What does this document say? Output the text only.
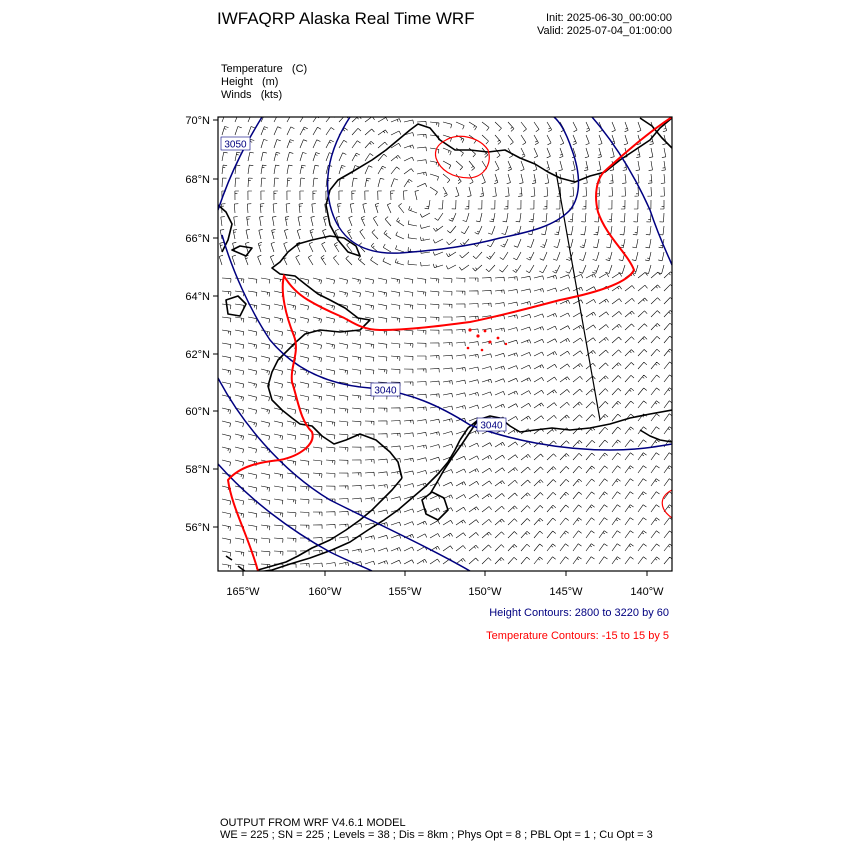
IWFAQRP Alaska Real Time WRF	Init: 2025-06-30_00:00:00
Valid: 2025-07-04_01:00:00
Temperature   (C)
Height   (m)
Winds   (kts)
3050
3040
3040
70°N
68°N
66°N
64°N
62°N
60°N
58°N
56°N
165°W	160°W	155°W	150°W	145°W	140°W
Height Contours: 2800 to 3220 by 60
Temperature Contours: -15 to 15 by 5
OUTPUT FROM WRF V4.6.1 MODEL
WE = 225 ; SN = 225 ; Levels = 38 ; Dis = 8km ; Phys Opt = 8 ; PBL Opt = 1 ; Cu Opt = 3
